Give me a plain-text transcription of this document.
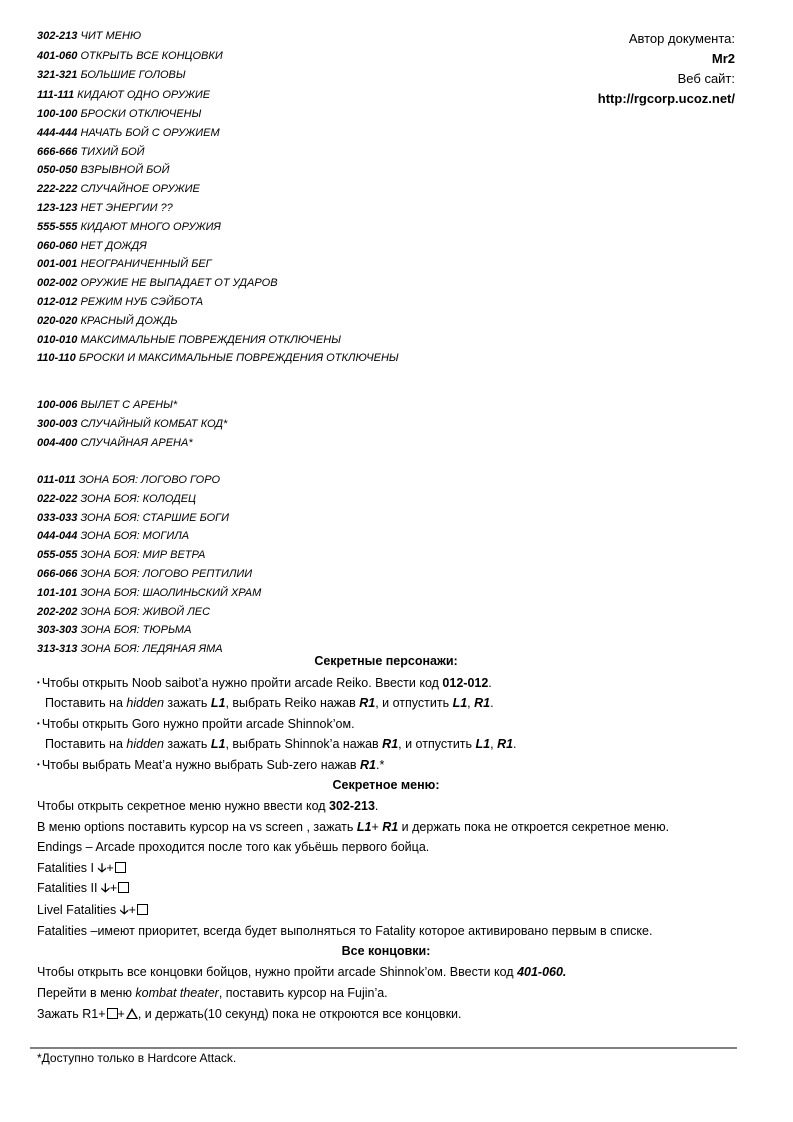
Автор документа:
Mr2
Веб сайт:
http://rgcorp.ucoz.net/
302-213 ЧИТ МЕНЮ
401-060 ОТКРЫТЬ ВСЕ КОНЦОВКИ
321-321 БОЛЬШИЕ ГОЛОВЫ
111-111 КИДАЮТ ОДНО ОРУЖИЕ
100-100 БРОСКИ ОТКЛЮЧЕНЫ
444-444 НАЧАТЬ БОЙ С ОРУЖИЕМ
666-666 ТИХИЙ БОЙ
050-050 ВЗРЫВНОЙ БОЙ
222-222 СЛУЧАЙНОЕ ОРУЖИЕ
123-123 НЕТ ЭНЕРГИИ ??
555-555 КИДАЮТ МНОГО ОРУЖИЯ
060-060 НЕТ ДОЖДЯ
001-001 НЕОГРАНИЧЕННЫЙ БЕГ
002-002 ОРУЖИЕ НЕ ВЫПАДАЕТ ОТ УДАРОВ
012-012 РЕЖИМ НУБ СЭЙБОТА
020-020 КРАСНЫЙ ДОЖДЬ
010-010 МАКСИМАЛЬНЫЕ ПОВРЕЖДЕНИЯ ОТКЛЮЧЕНЫ
110-110 БРОСКИ И МАКСИМАЛЬНЫЕ ПОВРЕЖДЕНИЯ ОТКЛЮЧЕНЫ
100-006 ВЫЛЕТ С АРЕНЫ*
300-003 СЛУЧАЙНЫЙ КОМБАТ КОД*
004-400 СЛУЧАЙНАЯ АРЕНА*
011-011 ЗОНА БОЯ: ЛОГОВО ГОРО
022-022 ЗОНА БОЯ: КОЛОДЕЦ
033-033 ЗОНА БОЯ: СТАРШИЕ БОГИ
044-044 ЗОНА БОЯ: МОГИЛА
055-055 ЗОНА БОЯ: МИР ВЕТРА
066-066 ЗОНА БОЯ: ЛОГОВО РЕПТИЛИИ
101-101 ЗОНА БОЯ: ШАОЛИНЬСКИЙ ХРАМ
202-202 ЗОНА БОЯ: ЖИВОЙ ЛЕС
303-303 ЗОНА БОЯ: ТЮРЬМА
313-313 ЗОНА БОЯ: ЛЕДЯНАЯ ЯМА
Секретные персонажи:
• Чтобы открыть Noob saibot’a нужно пройти arcade Reiko. Ввести код 012-012.
Поставить на hidden зажать L1, выбрать Reiko нажав R1, и отпустить L1, R1.
• Чтобы открыть Goro нужно пройти arcade Shinnok’ом.
Поставить на hidden зажать L1, выбрать Shinnok’a нажав R1, и отпустить L1, R1.
• Чтобы выбрать Meat’a нужно выбрать Sub-zero нажав R1.*
Секретное меню:
Чтобы открыть секретное меню нужно ввести код 302-213.
В меню options поставить курсор на vs screen , зажать L1+ R1 и держать пока не откроется секретное меню.
Endings – Arcade проходится после того как убьёшь первого бойца.
Fatalities I 🡣+
Fatalities II 🡣+
Livel Fatalities 🡣+
Fatalities –имеют приоритет, всегда будет выполняться то Fatality которое активировано первым в списке.
Все концовки:
Чтобы открыть все концовки бойцов, нужно пройти arcade Shinnok’ом. Ввести код 401-060.
Перейти в меню kombat theater, поставить курсор на Fujin’a.
Зажать R1+ + , и держать(10 секунд) пока не откроются все концовки.
*Доступно только в Hardcore Attack.
